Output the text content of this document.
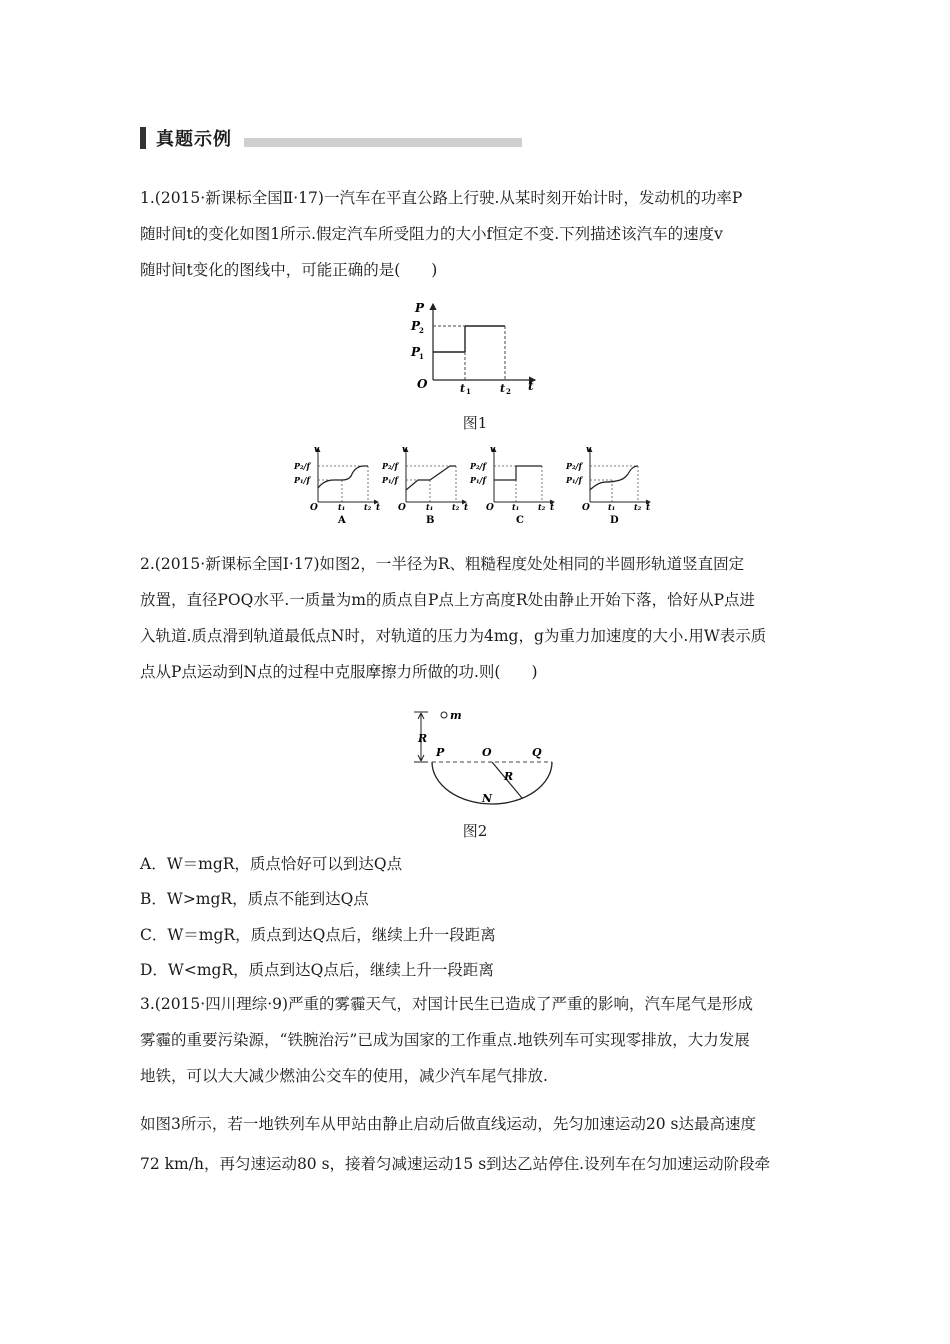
真题示例
1.(2015·新课标全国Ⅱ·17)一汽车在平直公路上行驶.从某时刻开始计时，发动机的功率P
随时间t的变化如图1所示.假定汽车所受阻力的大小f恒定不变.下列描述该汽车的速度v
随时间t变化的图线中，可能正确的是(　　)
P
P
2
P
1
O	t 1	t 2 t
图1
v
P₂/f
P₁/f
O	t₁ t₂ t
A
v
P₂/f
P₁/f
O	t₁ t₂ t
B
v
P₂/f
P₁/f
O t₁ t₂ t
C
v
P₂/f
P₁/f
O t₁ t₂ t
D
2.(2015·新课标全国Ⅰ·17)如图2，一半径为R、粗糙程度处处相同的半圆形轨道竖直固定
放置，直径POQ水平.一质量为m的质点自P点上方高度R处由静止开始下落，恰好从P点进
入轨道.质点滑到轨道最低点N时，对轨道的压力为4mg，g为重力加速度的大小.用W表示质
点从P点运动到N点的过程中克服摩擦力所做的功.则(　　)
m
R
P	O	Q
R
N
图2
A．W＝mgR，质点恰好可以到达Q点
B．W>mgR，质点不能到达Q点
C．W＝mgR，质点到达Q点后，继续上升一段距离
D．W<mgR，质点到达Q点后，继续上升一段距离
3.(2015·四川理综·9)严重的雾霾天气，对国计民生已造成了严重的影响，汽车尾气是形成
雾霾的重要污染源，“铁腕治污”已成为国家的工作重点.地铁列车可实现零排放，大力发展
地铁，可以大大减少燃油公交车的使用，减少汽车尾气排放.
如图3所示，若一地铁列车从甲站由静止启动后做直线运动，先匀加速运动20 s达最高速度
72 km/h，再匀速运动80 s，接着匀减速运动15 s到达乙站停住.设列车在匀加速运动阶段牵
